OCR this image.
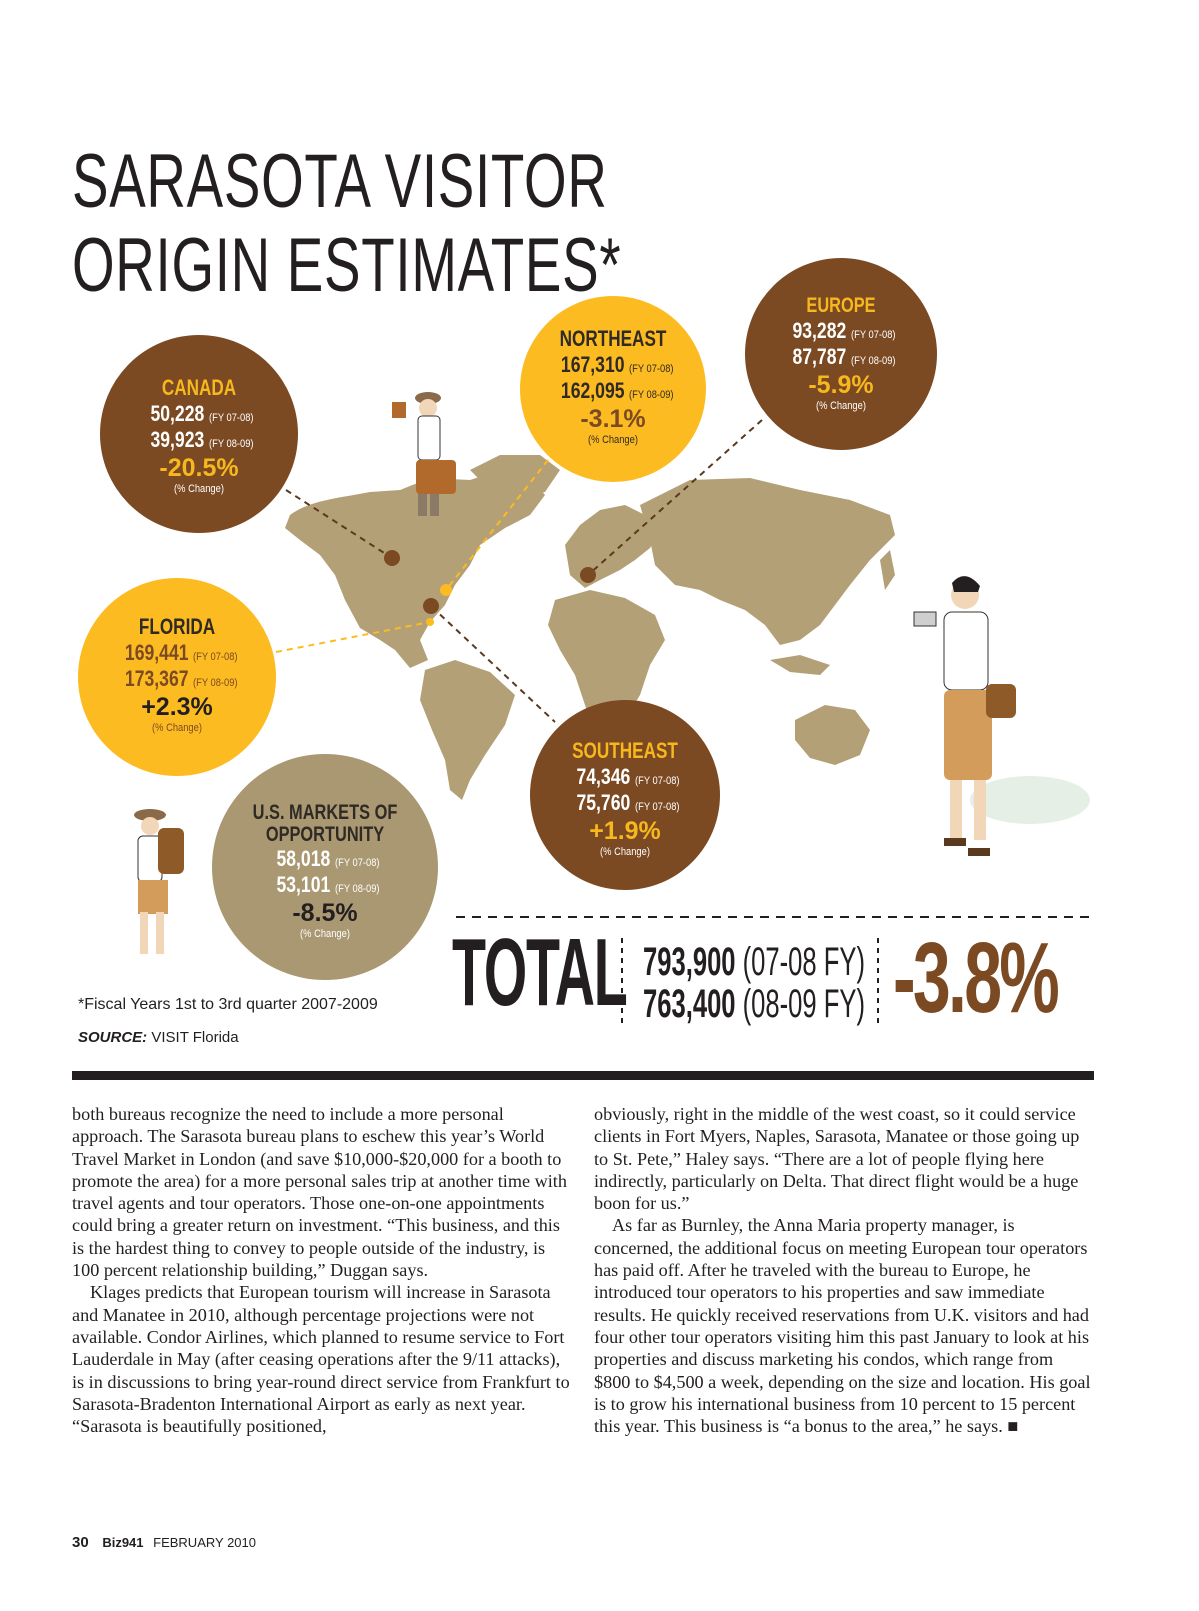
SARASOTA VISITOR
ORIGIN ESTIMATES*
CANADA
50,228 (FY 07-08)
39,923 (FY 08-09)
-20.5%
(% Change)
NORTHEAST
167,310 (FY 07-08)
162,095 (FY 08-09)
-3.1%
(% Change)
EUROPE
93,282 (FY 07-08)
87,787 (FY 08-09)
-5.9%
(% Change)
FLORIDA
169,441 (FY 07-08)
173,367 (FY 08-09)
+2.3%
(% Change)
SOUTHEAST
74,346 (FY 07-08)
75,760 (FY 07-08)
+1.9%
(% Change)
U.S. MARKETS OF
OPPORTUNITY
58,018 (FY 07-08)
53,101 (FY 08-09)
-8.5%
(% Change)	TOTAL 793,900 (07-08 FY)
763,400 (08-09 FY) -3.8%
*Fiscal Years 1st to 3rd quarter 2007-2009
SOURCE: VISIT Florida

both bureaus recognize the need to include a more personal approach. The Sarasota bureau plans to eschew this year’s World Travel Market in London (and save $10,000-$20,000 for a booth to promote the area) for a more personal sales trip at another time with travel agents and tour operators. Those one-on-one appointments could bring a greater return on investment. “This business, and this is the hardest thing to convey to people outside of the industry, is 100 percent relationship building,” Duggan says.

Klages predicts that European tourism will increase in Sarasota and Manatee in 2010, although percentage projections were not available. Condor Airlines, which planned to resume service to Fort Lauderdale in May (after ceasing operations after the 9/11 attacks), is in discussions to bring year-round direct service from Frankfurt to Sarasota-Bradenton International Airport as early as next year. “Sarasota is beautifully positioned,

obviously, right in the middle of the west coast, so it could service clients in Fort Myers, Naples, Sarasota, Manatee or those going up to St. Pete,” Haley says. “There are a lot of people flying here indirectly, particularly on Delta. That direct flight would be a huge boon for us.”

As far as Burnley, the Anna Maria property manager, is concerned, the additional focus on meeting European tour operators has paid off. After he traveled with the bureau to Europe, he introduced tour operators to his properties and saw immediate results. He quickly received reservations from U.K. visitors and had four other tour operators visiting him this past January to look at his properties and discuss marketing his condos, which range from $800 to $4,500 a week, depending on the size and location. His goal is to grow his international business from 10 percent to 15 percent this year. This business is “a bonus to the area,” he says. ■

30 Biz941 FEBRUARY 2010
